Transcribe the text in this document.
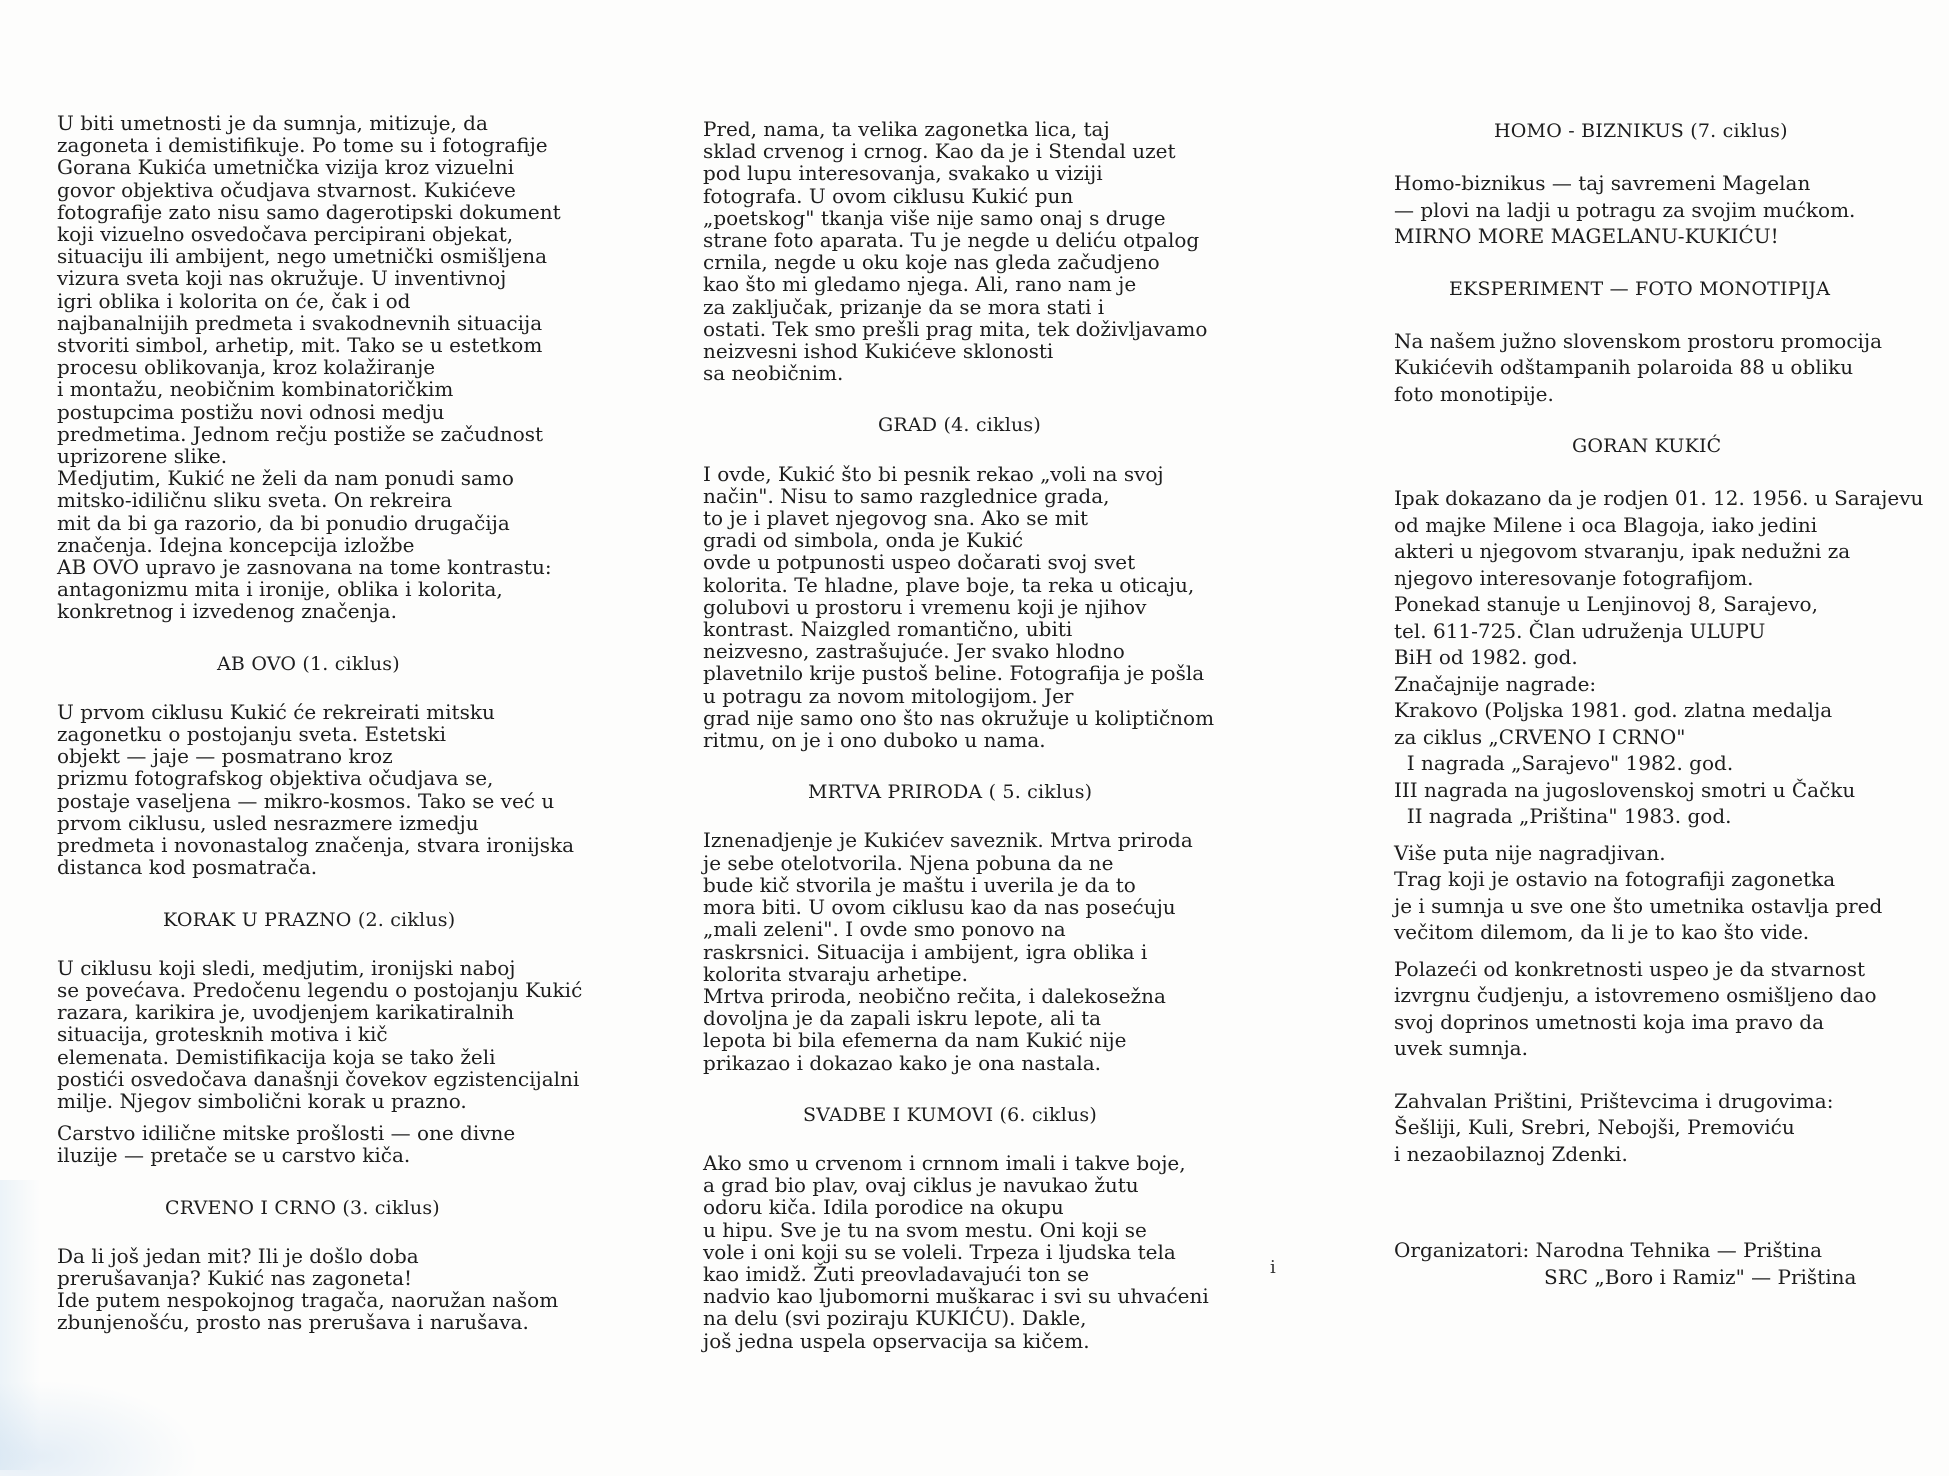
U biti umetnosti je da sumnja, mitizuje, da
zagoneta i demistifikuje. Po tome su i fotografije
Gorana Kukića umetnička vizija kroz vizuelni
govor objektiva očudjava stvarnost. Kukićeve
fotografije zato nisu samo dagerotipski dokument
koji vizuelno osvedočava percipirani objekat,
situaciju ili ambijent, nego umetnički osmišljena
vizura sveta koji nas okružuje. U inventivnoj
igri oblika i kolorita on će, čak i od
najbanalnijih predmeta i svakodnevnih situacija
stvoriti simbol, arhetip, mit. Tako se u estetkom
procesu oblikovanja, kroz kolažiranje
i montažu, neobičnim kombinatoričkim
postupcima postižu novi odnosi medju
predmetima. Jednom rečju postiže se začudnost
uprizorene slike.
Medjutim, Kukić ne želi da nam ponudi samo
mitsko-idiličnu sliku sveta. On rekreira
mit da bi ga razorio, da bi ponudio drugačija
značenja. Idejna koncepcija izložbe
AB OVO upravo je zasnovana na tome kontrastu:
antagonizmu mita i ironije, oblika i kolorita,
konkretnog i izvedenog značenja.
AB OVO (1. ciklus)
U prvom ciklusu Kukić će rekreirati mitsku
zagonetku o postojanju sveta. Estetski
objekt — jaje — posmatrano kroz
prizmu fotografskog objektiva očudjava se,
postaje vaseljena — mikro-kosmos. Tako se već u
prvom ciklusu, usled nesrazmere izmedju
predmeta i novonastalog značenja, stvara ironijska
distanca kod posmatrača.
KORAK U PRAZNO (2. ciklus)
U ciklusu koji sledi, medjutim, ironijski naboj
se povećava. Predočenu legendu o postojanju Kukić
razara, karikira je, uvodjenjem karikatiralnih
situacija, grotesknih motiva i kič
elemenata. Demistifikacija koja se tako želi
postići osvedočava današnji čovekov egzistencijalni
milje. Njegov simbolični korak u prazno.
Carstvo idilične mitske prošlosti — one divne
iluzije — pretače se u carstvo kiča.
CRVENO I CRNO (3. ciklus)
Da li još jedan mit? Ili je došlo doba
prerušavanja? Kukić nas zagoneta!
Ide putem nespokojnog tragača, naoružan našom
zbunjenošću, prosto nas prerušava i narušava.
Pred, nama, ta velika zagonetka lica, taj
sklad crvenog i crnog. Kao da je i Stendal uzet
pod lupu interesovanja, svakako u viziji
fotografa. U ovom ciklusu Kukić pun
„poetskog" tkanja više nije samo onaj s druge
strane foto aparata. Tu je negde u deliću otpalog
crnila, negde u oku koje nas gleda začudjeno
kao što mi gledamo njega. Ali, rano nam je
za zaključak, prizanje da se mora stati i
ostati. Tek smo prešli prag mita, tek doživljavamo
neizvesni ishod Kukićeve sklonosti
sa neobičnim.
GRAD (4. ciklus)
I ovde, Kukić što bi pesnik rekao „voli na svoj
način". Nisu to samo razglednice grada,
to je i plavet njegovog sna. Ako se mit
gradi od simbola, onda je Kukić
ovde u potpunosti uspeo dočarati svoj svet
kolorita. Te hladne, plave boje, ta reka u oticaju,
golubovi u prostoru i vremenu koji je njihov
kontrast. Naizgled romantično, ubiti
neizvesno, zastrašujuće. Jer svako hlodno
plavetnilo krije pustoš beline. Fotografija je pošla
u potragu za novom mitologijom. Jer
grad nije samo ono što nas okružuje u koliptičnom
ritmu, on je i ono duboko u nama.
MRTVA PRIRODA ( 5. ciklus)
Iznenadjenje je Kukićev saveznik. Mrtva priroda
je sebe otelotvorila. Njena pobuna da ne
bude kič stvorila je maštu i uverila je da to
mora biti. U ovom ciklusu kao da nas posećuju
„mali zeleni". I ovde smo ponovo na
raskrsnici. Situacija i ambijent, igra oblika i
kolorita stvaraju arhetipe.
Mrtva priroda, neobično rečita, i dalekosežna
dovoljna je da zapali iskru lepote, ali ta
lepota bi bila efemerna da nam Kukić nije
prikazao i dokazao kako je ona nastala.
SVADBE I KUMOVI (6. ciklus)
Ako smo u crvenom i crnnom imali i takve boje,
a grad bio plav, ovaj ciklus je navukao žutu
odoru kiča. Idila porodice na okupu
u hipu. Sve je tu na svom mestu. Oni koji se
vole i oni koji su se voleli. Trpeza i ljudska tela
kao imidž. Žuti preovladavajući ton se
nadvio kao ljubomorni muškarac i svi su uhvaćeni
na delu (svi poziraju KUKIĆU). Dakle,
još jedna uspela opservacija sa kičem.
i
HOMO - BIZNIKUS (7. ciklus)
Homo-biznikus — taj savremeni Magelan
— plovi na ladji u potragu za svojim mućkom.
MIRNO MORE MAGELANU-KUKIĆU!
EKSPERIMENT — FOTO MONOTIPIJA
Na našem južno slovenskom prostoru promocija
Kukićevih odštampanih polaroida 88 u obliku
foto monotipije.
GORAN KUKIĆ
Ipak dokazano da je rodjen 01. 12. 1956. u Sarajevu
od majke Milene i oca Blagoja, iako jedini
akteri u njegovom stvaranju, ipak nedužni za
njegovo interesovanje fotografijom.
Ponekad stanuje u Lenjinovoj 8, Sarajevo,
tel. 611-725. Član udruženja ULUPU
BiH od 1982. god.
Značajnije nagrade:
Krakovo (Poljska 1981. god. zlatna medalja
za ciklus „CRVENO I CRNO"
I nagrada „Sarajevo" 1982. god.
III nagrada na jugoslovenskoj smotri u Čačku
II nagrada „Priština" 1983. god.
Više puta nije nagradjivan.
Trag koji je ostavio na fotografiji zagonetka
je i sumnja u sve one što umetnika ostavlja pred
večitom dilemom, da li je to kao što vide.
Polazeći od konkretnosti uspeo je da stvarnost
izvrgnu čudjenju, a istovremeno osmišljeno dao
svoj doprinos umetnosti koja ima pravo da
uvek sumnja.
Zahvalan Prištini, Prištevcima i drugovima:
Šešliji, Kuli, Srebri, Nebojši, Premoviću
i nezaobilaznoj Zdenki.
Organizatori: Narodna Tehnika — Priština
SRC „Boro i Ramiz" — Priština
